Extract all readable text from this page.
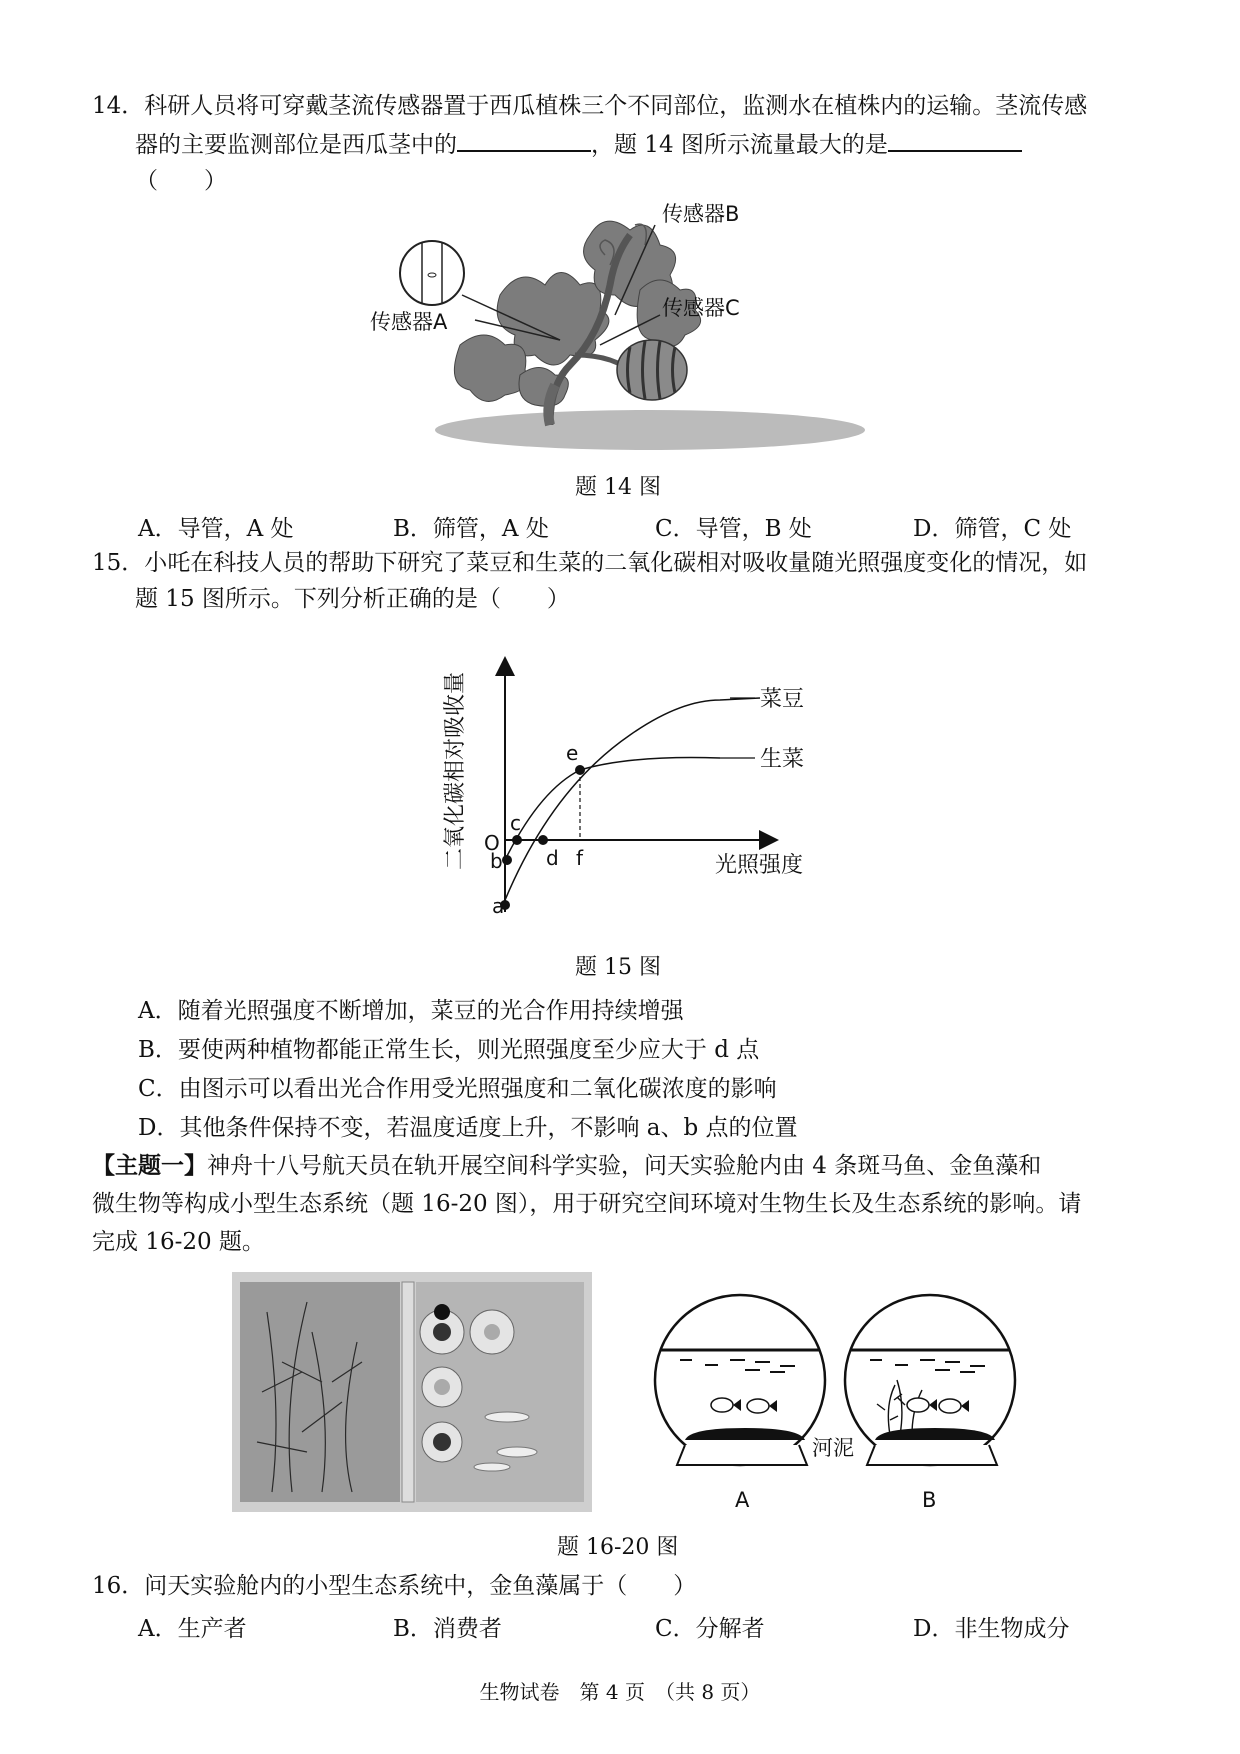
14．科研人员将可穿戴茎流传感器置于西瓜植株三个不同部位，监测水在植株内的运输。茎流传感
器的主要监测部位是西瓜茎中的	，题 14 图所示流量最大的是
（　　）
传感器A
传感器B
传感器C
题 14 图
A．导管，A 处	B．筛管，A 处	C．导管，B 处	D．筛管，C 处
15．小吒在科技人员的帮助下研究了菜豆和生菜的二氧化碳相对吸收量随光照强度变化的情况，如
题 15 图所示。下列分析正确的是（　　）
二氧化碳相对吸收量
a
b
c
d
e
f
O
菜豆
生菜
光照强度
题 15 图
A．随着光照强度不断增加，菜豆的光合作用持续增强
B．要使两种植物都能正常生长，则光照强度至少应大于 d 点
C．由图示可以看出光合作用受光照强度和二氧化碳浓度的影响
D．其他条件保持不变，若温度适度上升，不影响 a、b 点的位置
【主题一】神舟十八号航天员在轨开展空间科学实验，问天实验舱内由 4 条斑马鱼、金鱼藻和
微生物等构成小型生态系统（题 16-20 图），用于研究空间环境对生物生长及生态系统的影响。请
完成 16-20 题。
河泥
A	B
题 16-20 图
16．问天实验舱内的小型生态系统中，金鱼藻属于（　　）
A．生产者	B．消费者	C．分解者	D．非生物成分
生物试卷　第 4 页　（共 8 页）
